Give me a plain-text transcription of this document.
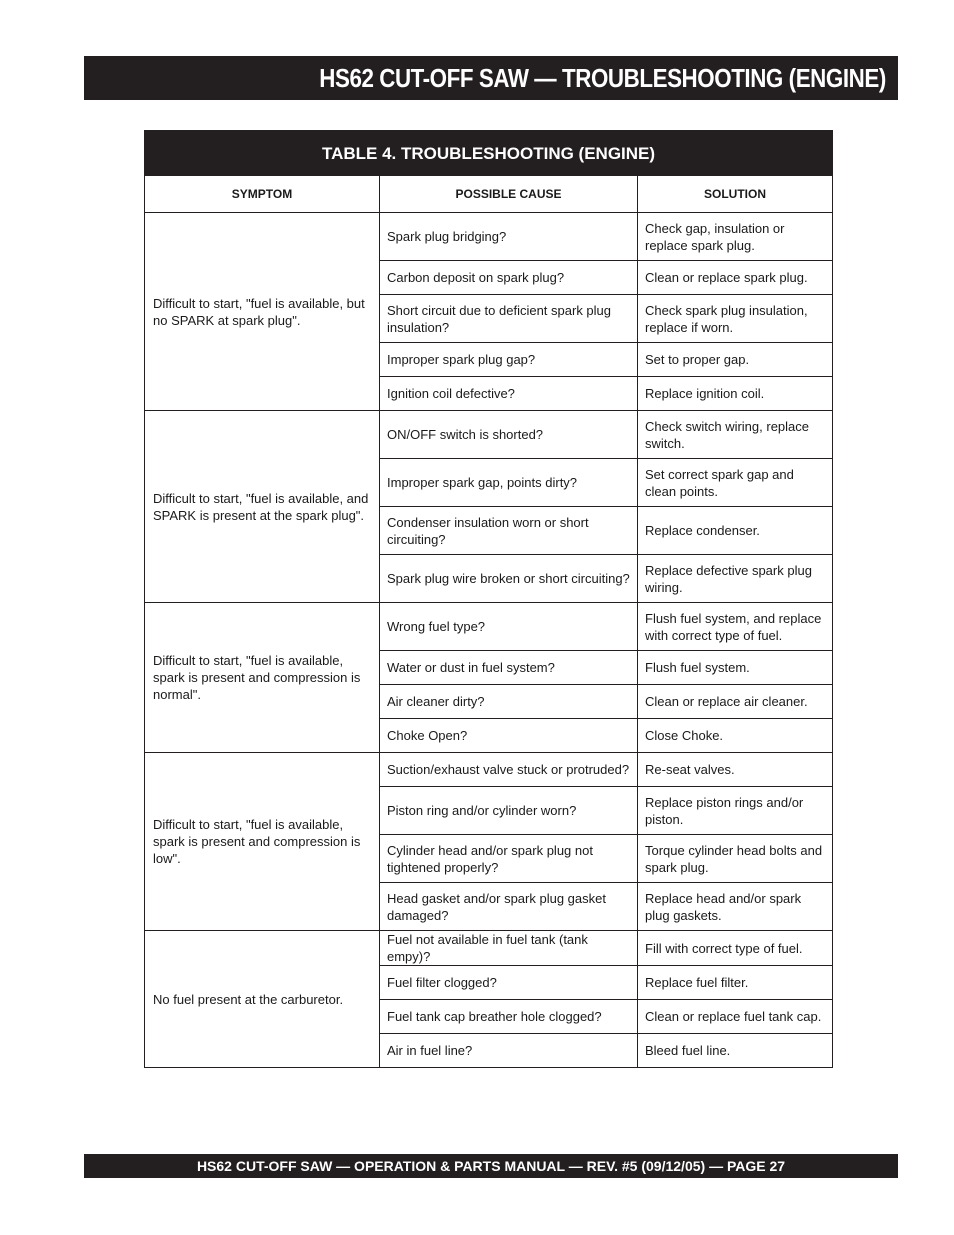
HS62 CUT-OFF SAW — TROUBLESHOOTING (ENGINE)
TABLE 4. TROUBLESHOOTING (ENGINE)		
SYMPTOM	POSSIBLE CAUSE	SOLUTION
Difficult to start, "fuel is available, but no SPARK at spark plug".	Spark plug bridging?	Check gap, insulation or replace spark plug.
	Carbon deposit on spark plug?	Clean or replace spark plug.
	Short circuit due to deficient spark plug insulation?	Check spark plug insulation, replace if worn.
	Improper spark plug gap?	Set to proper gap.
	Ignition coil defective?	Replace ignition coil.
Difficult to start, "fuel is available, and SPARK is present at the spark plug".	ON/OFF switch is shorted?	Check switch wiring, replace switch.
	Improper spark gap, points dirty?	Set correct spark gap and clean points.
	Condenser insulation worn or short circuiting?	Replace condenser.
	Spark plug wire broken or short circuiting?	Replace defective spark plug wiring.
Difficult to start, "fuel is available, spark is present and compression is normal".	Wrong fuel type?	Flush fuel system, and replace with correct type of fuel.
	Water or dust in fuel system?	Flush fuel system.
	Air cleaner dirty?	Clean or replace air cleaner.
	Choke Open?	Close Choke.
Difficult to start, "fuel is available, spark is present and compression is low".	Suction/exhaust valve stuck or protruded?	Re-seat valves.
	Piston ring and/or cylinder worn?	Replace piston rings and/or piston.
	Cylinder head and/or spark plug not tightened properly?	Torque cylinder head bolts and spark plug.
	Head gasket and/or spark plug gasket damaged?	Replace head and/or spark plug gaskets.
No fuel present at the carburetor.	Fuel not available in fuel tank (tank empy)?	Fill with correct type of fuel.
	Fuel filter clogged?	Replace fuel filter.
	Fuel tank cap breather hole clogged?	Clean or replace fuel tank cap.
	Air in fuel line?	Bleed fuel line.
HS62 CUT-OFF SAW — OPERATION & PARTS MANUAL — REV. #5 (09/12/05) — PAGE 27
